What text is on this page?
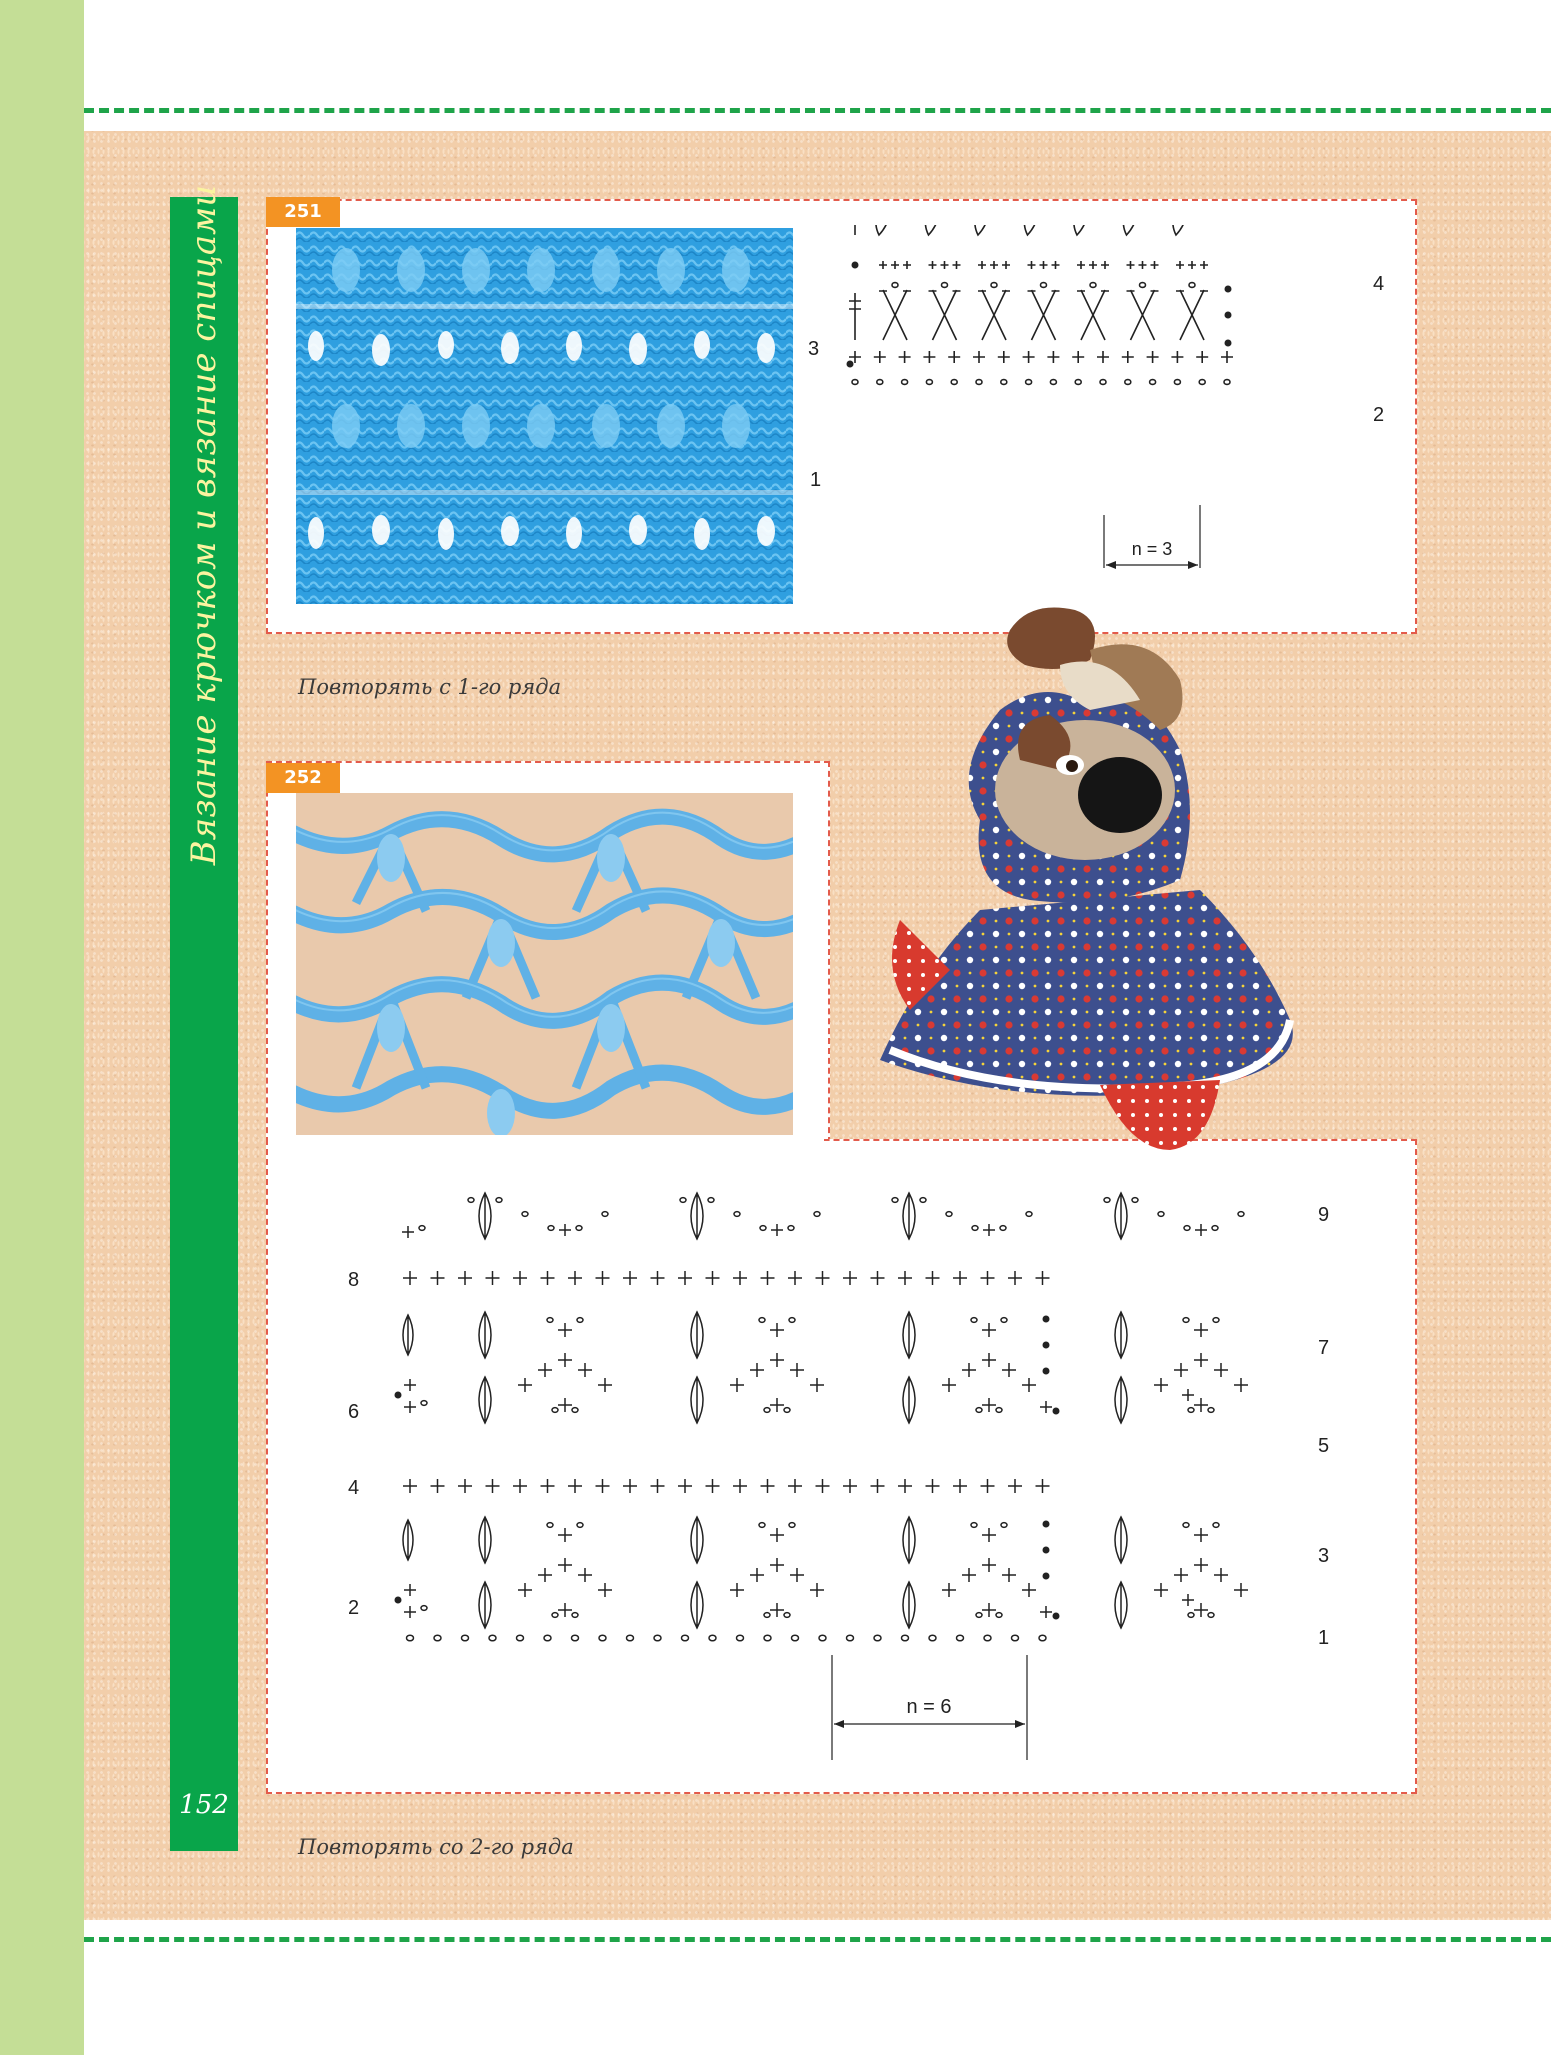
Вязание крючком и вязание спицами
152
251
3
1
4
2
n = 3
Повторять с 1-го ряда
252
9
8
7
6
5
4
3
2
1
n = 6
Повторять со 2-го ряда
